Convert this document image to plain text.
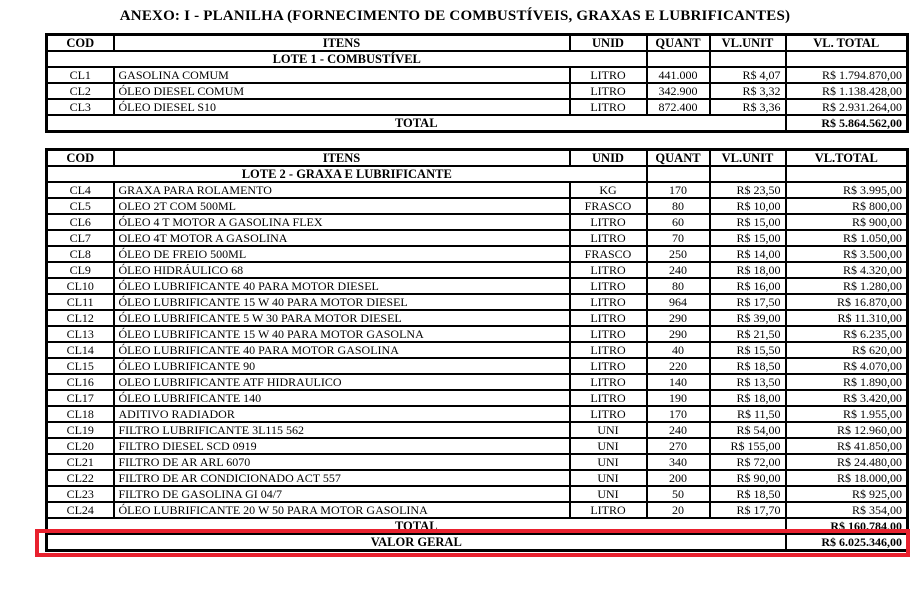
ANEXO: I - PLANILHA (FORNECIMENTO DE COMBUSTÍVEIS, GRAXAS E LUBRIFICANTES)
COD	ITENS	UNID	QUANT	VL.UNIT	VL. TOTAL
LOTE 1 - COMBUSTÍVEL					
CL1	GASOLINA COMUM	LITRO	441.000	R$ 4,07	R$ 1.794.870,00
CL2	ÓLEO DIESEL COMUM	LITRO	342.900	R$ 3,32	R$ 1.138.428,00
CL3	ÓLEO DIESEL S10	LITRO	872.400	R$ 3,36	R$ 2.931.264,00
TOTAL					R$ 5.864.562,00
COD	ITENS	UNID	QUANT	VL.UNIT	VL.TOTAL
LOTE 2 - GRAXA E LUBRIFICANTE					
CL4	GRAXA PARA ROLAMENTO	KG	170	R$ 23,50	R$ 3.995,00
CL5	OLEO 2T COM 500ML	FRASCO	80	R$ 10,00	R$ 800,00
CL6	ÓLEO 4 T MOTOR A GASOLINA FLEX	LITRO	60	R$ 15,00	R$ 900,00
CL7	OLEO 4T MOTOR A GASOLINA	LITRO	70	R$ 15,00	R$ 1.050,00
CL8	ÓLEO DE FREIO 500ML	FRASCO	250	R$ 14,00	R$ 3.500,00
CL9	ÓLEO HIDRÁULICO 68	LITRO	240	R$ 18,00	R$ 4.320,00
CL10	ÓLEO LUBRIFICANTE 40 PARA MOTOR DIESEL	LITRO	80	R$ 16,00	R$ 1.280,00
CL11	ÓLEO LUBRIFICANTE 15 W 40 PARA MOTOR DIESEL	LITRO	964	R$ 17,50	R$ 16.870,00
CL12	ÓLEO LUBRIFICANTE 5 W 30 PARA MOTOR DIESEL	LITRO	290	R$ 39,00	R$ 11.310,00
CL13	ÓLEO LUBRIFICANTE 15 W 40 PARA MOTOR GASOLNA	LITRO	290	R$ 21,50	R$ 6.235,00
CL14	ÓLEO LUBRIFICANTE 40 PARA MOTOR GASOLINA	LITRO	40	R$ 15,50	R$ 620,00
CL15	ÓLEO LUBRIFICANTE 90	LITRO	220	R$ 18,50	R$ 4.070,00
CL16	OLEO LUBRIFICANTE ATF HIDRAULICO	LITRO	140	R$ 13,50	R$ 1.890,00
CL17	ÓLEO LUBRIFICANTE 140	LITRO	190	R$ 18,00	R$ 3.420,00
CL18	ADITIVO RADIADOR	LITRO	170	R$ 11,50	R$ 1.955,00
CL19	FILTRO LUBRIFICANTE 3L115 562	UNI	240	R$ 54,00	R$ 12.960,00
CL20	FILTRO DIESEL SCD 0919	UNI	270	R$ 155,00	R$ 41.850,00
CL21	FILTRO DE AR ARL 6070	UNI	340	R$ 72,00	R$ 24.480,00
CL22	FILTRO DE AR CONDICIONADO ACT 557	UNI	200	R$ 90,00	R$ 18.000,00
CL23	FILTRO DE GASOLINA GI 04/7	UNI	50	R$ 18,50	R$ 925,00
CL24	ÓLEO LUBRIFICANTE 20 W 50 PARA MOTOR GASOLINA	LITRO	20	R$ 17,70	R$ 354,00
TOTAL					R$ 160.784,00
VALOR GERAL					R$ 6.025.346,00
